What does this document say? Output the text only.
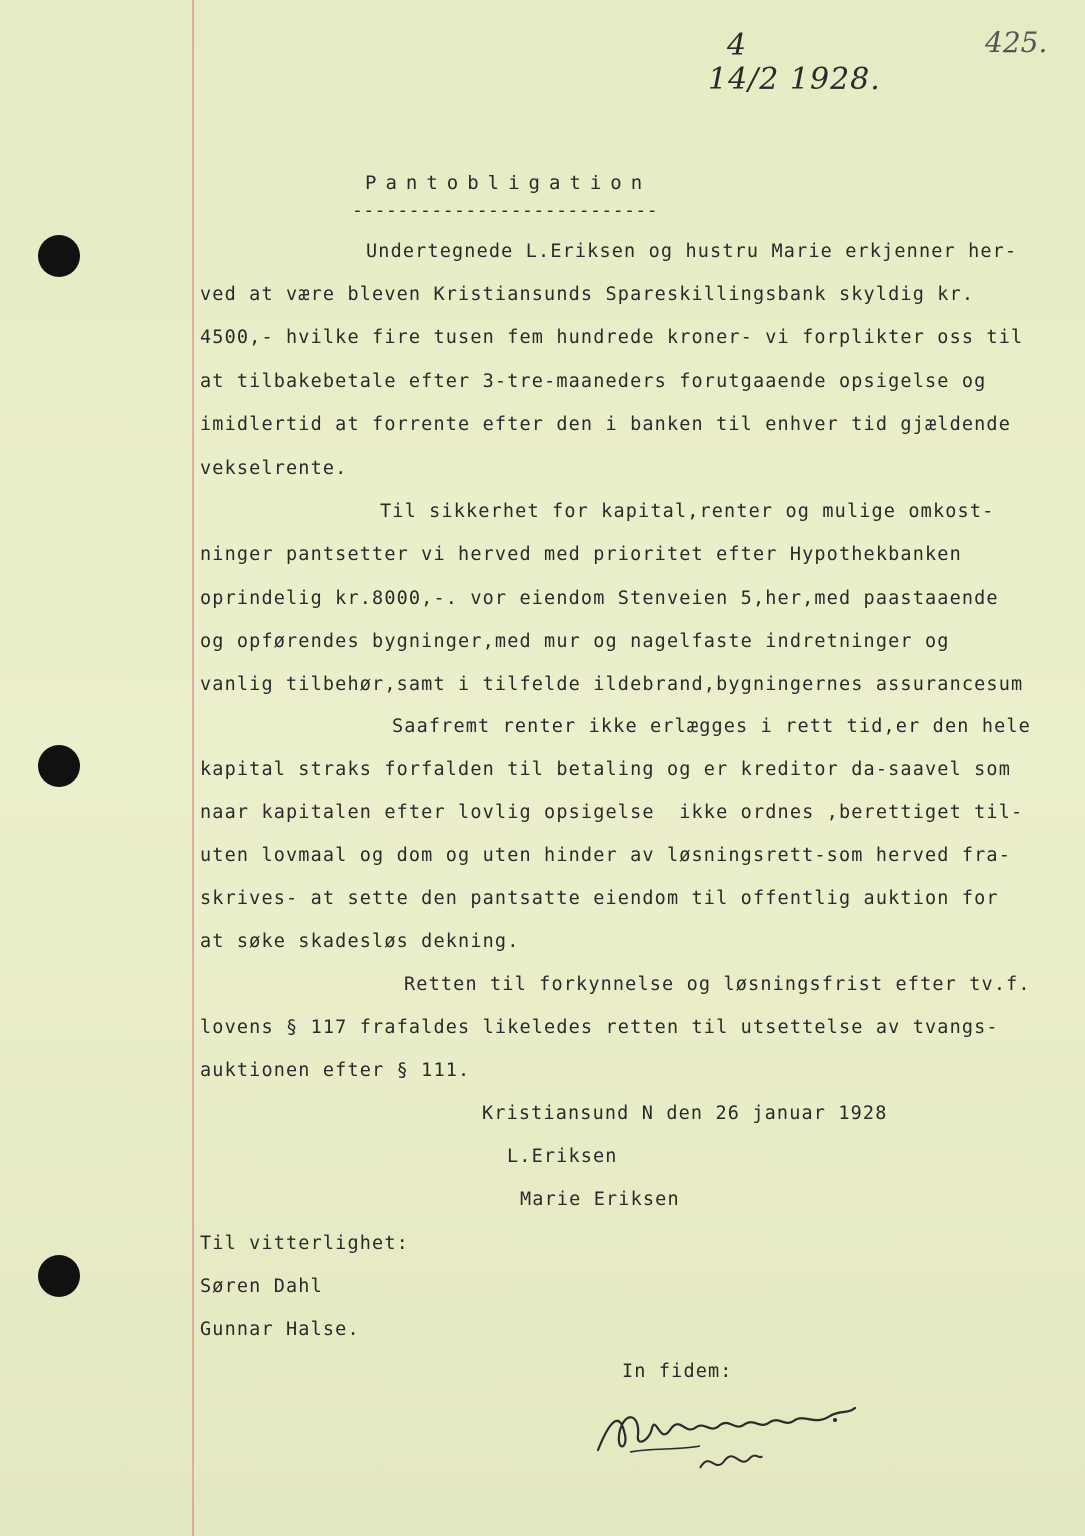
4
14/2 1928.
425.
Pantobligation
---------------------------
Undertegnede L.Eriksen og hustru Marie erkjenner her-
ved at være bleven Kristiansunds Spareskillingsbank skyldig kr.
4500,- hvilke fire tusen fem hundrede kroner- vi forplikter oss til
at tilbakebetale efter 3-tre-maaneders forutgaaende opsigelse og
imidlertid at forrente efter den i banken til enhver tid gjældende
vekselrente.
Til sikkerhet for kapital,renter og mulige omkost-
ninger pantsetter vi herved med prioritet efter Hypothekbanken
oprindelig kr.8000,-. vor eiendom Stenveien 5,her,med paastaaende
og opførendes bygninger,med mur og nagelfaste indretninger og
vanlig tilbehør,samt i tilfelde ildebrand,bygningernes assurancesum
Saafremt renter ikke erlægges i rett tid,er den hele
kapital straks forfalden til betaling og er kreditor da-saavel som
naar kapitalen efter lovlig opsigelse  ikke ordnes ,berettiget til-
uten lovmaal og dom og uten hinder av løsningsrett-som herved fra-
skrives- at sette den pantsatte eiendom til offentlig auktion for
at søke skadesløs dekning.
Retten til forkynnelse og løsningsfrist efter tv.f.
lovens § 117 frafaldes likeledes retten til utsettelse av tvangs-
auktionen efter § 111.
Kristiansund N den 26 januar 1928
L.Eriksen
Marie Eriksen
Til vitterlighet:
Søren Dahl
Gunnar Halse.
In fidem:
